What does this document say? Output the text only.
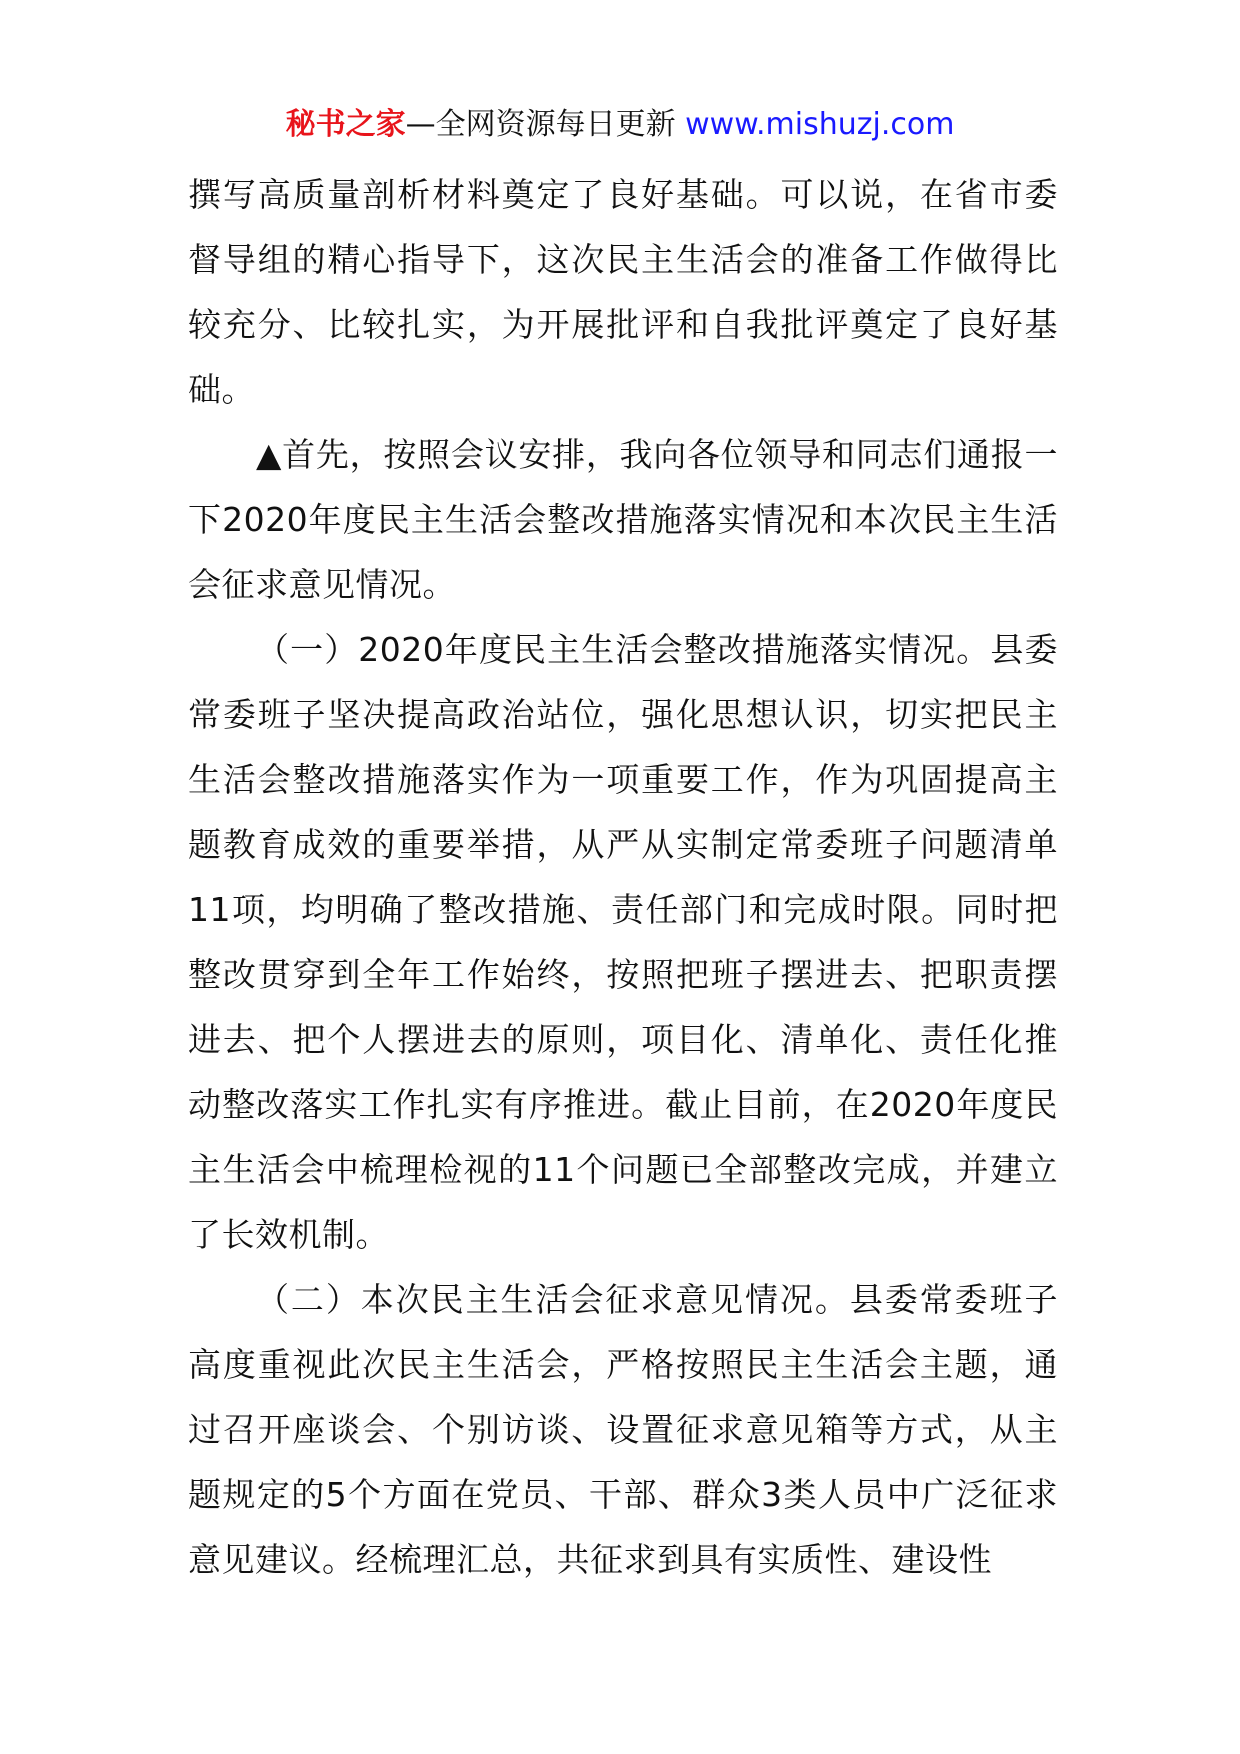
秘书之家—全网资源每日更新 www.mishuzj.com

撰写高质量剖析材料奠定了良好基础。可以说，在省市委督导组的精心指导下，这次民主生活会的准备工作做得比较充分、比较扎实，为开展批评和自我批评奠定了良好基础。

▲首先，按照会议安排，我向各位领导和同志们通报一下2020年度民主生活会整改措施落实情况和本次民主生活会征求意见情况。

（一）2020年度民主生活会整改措施落实情况。县委常委班子坚决提高政治站位，强化思想认识，切实把民主生活会整改措施落实作为一项重要工作，作为巩固提高主题教育成效的重要举措，从严从实制定常委班子问题清单11项，均明确了整改措施、责任部门和完成时限。同时把整改贯穿到全年工作始终，按照把班子摆进去、把职责摆进去、把个人摆进去的原则，项目化、清单化、责任化推动整改落实工作扎实有序推进。截止目前，在2020年度民主生活会中梳理检视的11个问题已全部整改完成，并建立了长效机制。

（二）本次民主生活会征求意见情况。县委常委班子高度重视此次民主生活会，严格按照民主生活会主题，通过召开座谈会、个别访谈、设置征求意见箱等方式，从主题规定的5个方面在党员、干部、群众3类人员中广泛征求意见建议。经梳理汇总，共征求到具有实质性、建设性
